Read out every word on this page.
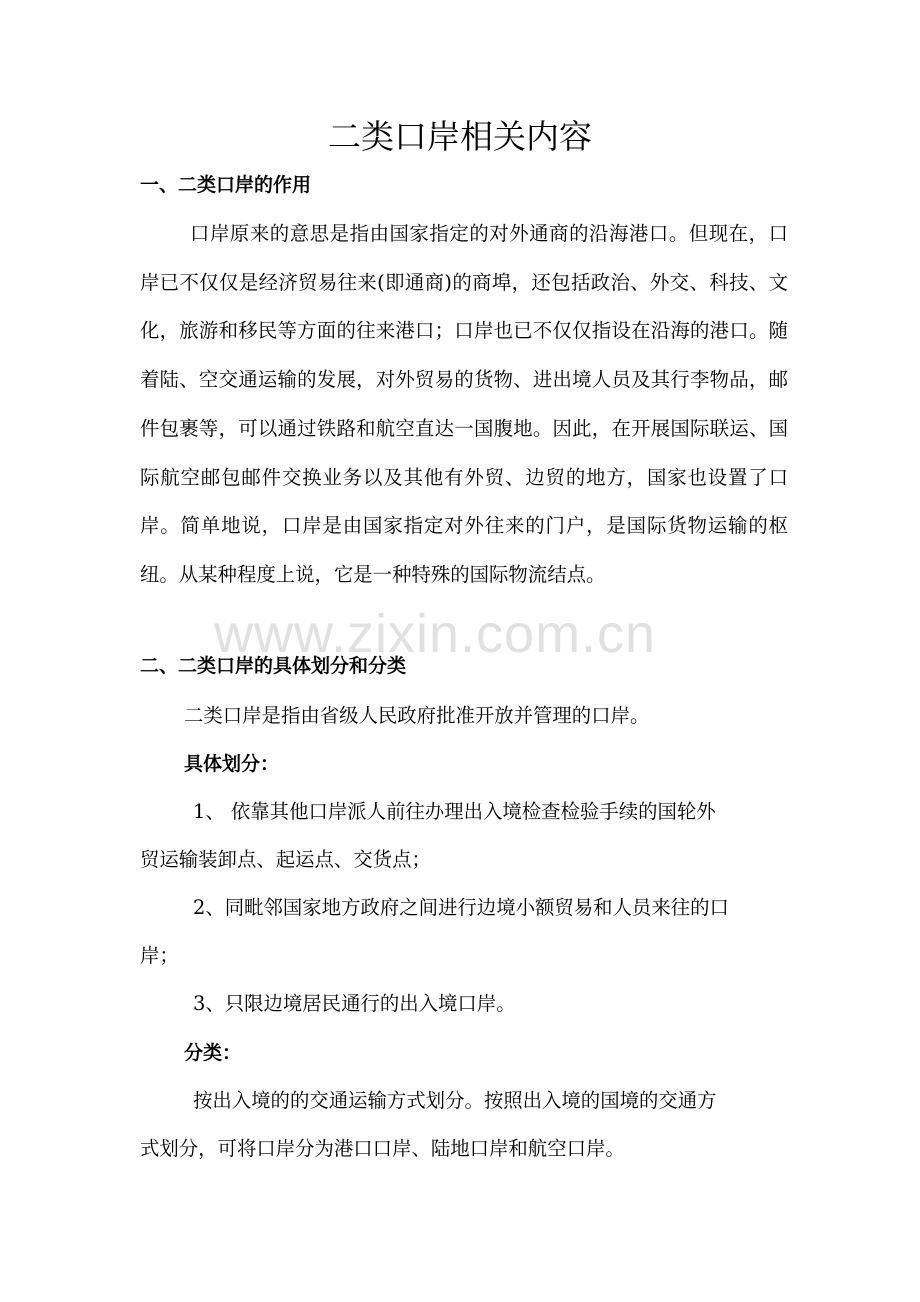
二类口岸相关内容
一、二类口岸的作用

口岸原来的意思是指由国家指定的对外通商的沿海港口。但现在，口岸已不仅仅是经济贸易往来(即通商)的商埠，还包括政治、外交、科技、文化，旅游和移民等方面的往来港口；口岸也已不仅仅指设在沿海的港口。随着陆、空交通运输的发展，对外贸易的货物、进出境人员及其行李物品，邮件包裹等，可以通过铁路和航空直达一国腹地。因此，在开展国际联运、国际航空邮包邮件交换业务以及其他有外贸、边贸的地方，国家也设置了口岸。简单地说，口岸是由国家指定对外往来的门户，是国际货物运输的枢纽。从某种程度上说，它是一种特殊的国际物流结点。

二、二类口岸的具体划分和分类

二类口岸是指由省级人民政府批准开放并管理的口岸。

具体划分：

1、 依靠其他口岸派人前往办理出入境检查检验手续的国轮外

贸运输装卸点、起运点、交货点；

2、同毗邻国家地方政府之间进行边境小额贸易和人员来往的口

岸；

3、只限边境居民通行的出入境口岸。

分类：

按出入境的的交通运输方式划分。按照出入境的国境的交通方

式划分，可将口岸分为港口口岸、陆地口岸和航空口岸。

www.zixin.com.cn
